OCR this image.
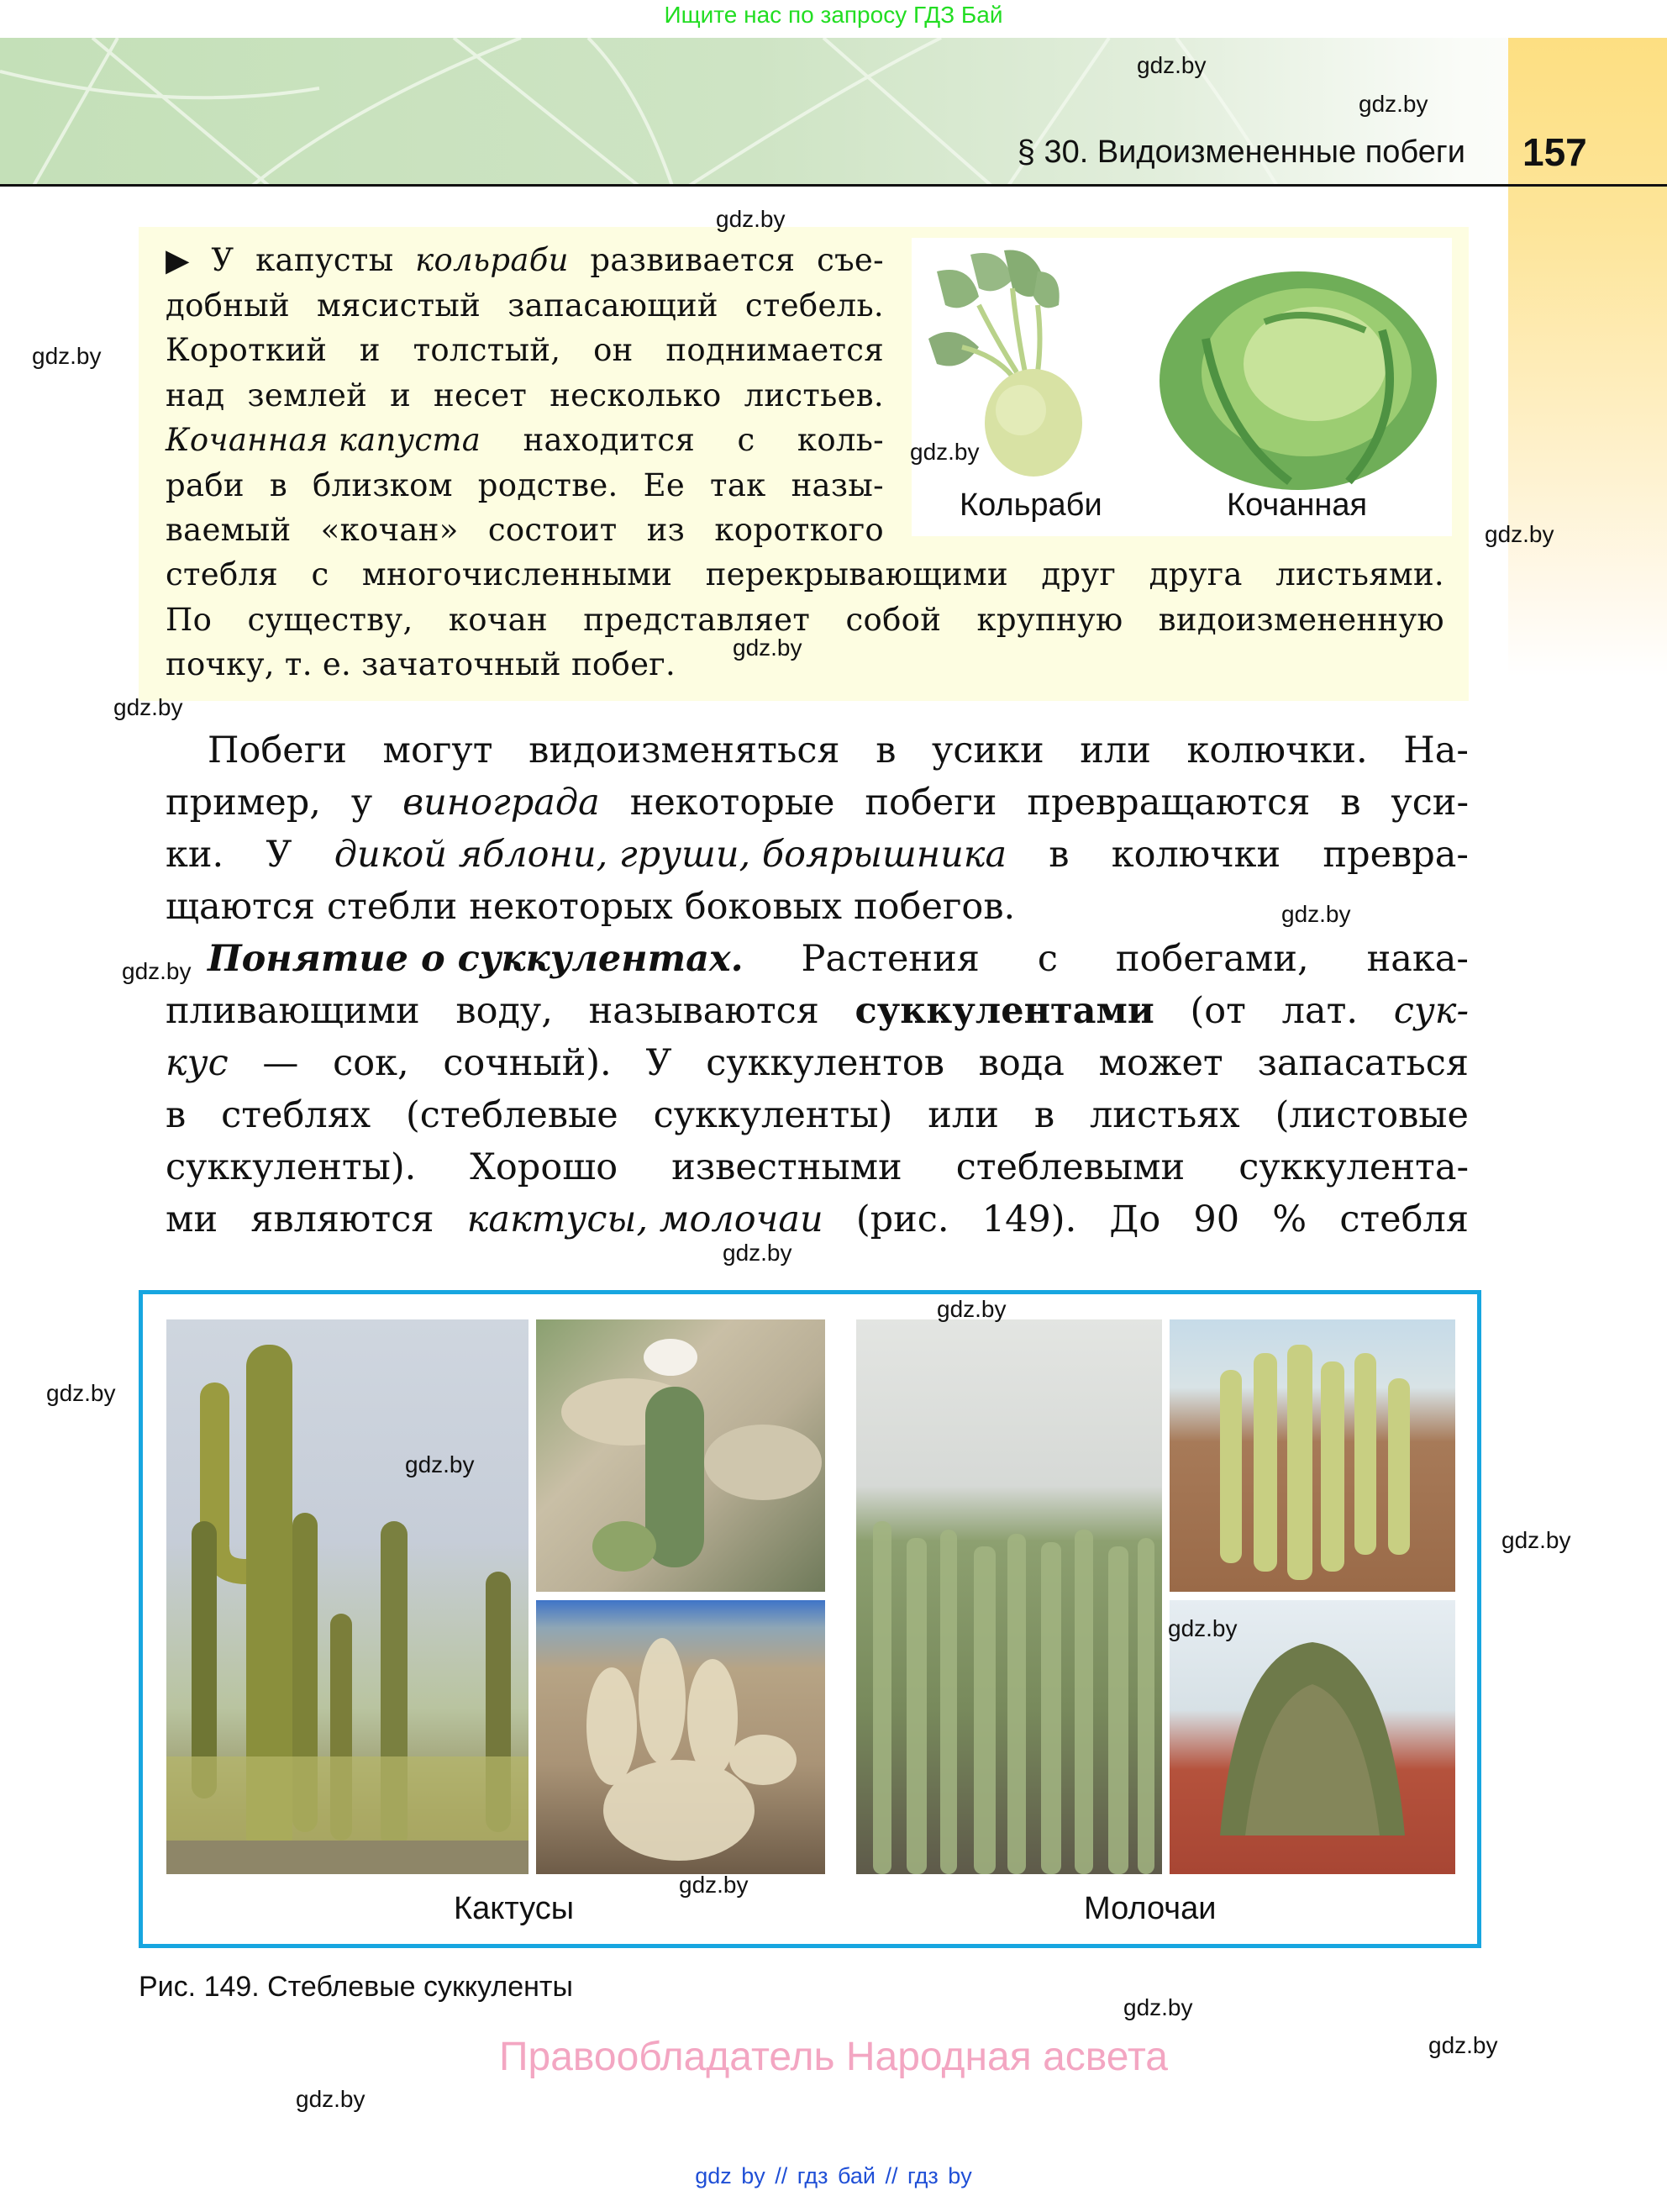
Ищите нас по запросу ГДЗ Бай
§ 30. Видоизмененные побеги 157
Кольраби	Кочанная
▶ У капусты кольраби развивается съе-
добный мясистый запасающий стебель.
Короткий и толстый, он поднимается
над землей и несет несколько листьев.
Кочанная капуста находится с коль-
раби в близком родстве. Ее так назы-
ваемый «кочан» состоит из короткого
стебля с многочисленными перекрывающими друг друга листьями.
По существу, кочан представляет собой крупную видоизмененную
почку,
т.
е.
зачаточный
побег.
Побеги могут видоизменяться в усики или колючки. На-
пример, у винограда некоторые побеги превращаются в уси-
ки. У дикой яблони, груши, боярышника в колючки превра-
щаются стебли некоторых боковых побегов.
Понятие о суккулентах. Растения с побегами, нака-
пливающими воду, называются суккулентами (от лат. сук-
кус — сок, сочный). У суккулентов вода может запасаться
в стеблях (стеблевые суккуленты) или в листьях (листовые
суккуленты). Хорошо известными стеблевыми суккулента-
ми являются кактусы, молочаи (рис. 149). До 90 % стебля
Кактусы	Молочаи
Рис. 149. Стеблевые суккуленты
Правообладатель Народная асвета
gdz by // гдз бай // гдз by
gdz.by
gdz.by
gdz.by
gdz.by
gdz.by
gdz.by
gdz.by
gdz.by
gdz.by
gdz.by
gdz.by
gdz.by
gdz.by
gdz.by
gdz.by
gdz.by
gdz.by
gdz.by
gdz.by
gdz.by
